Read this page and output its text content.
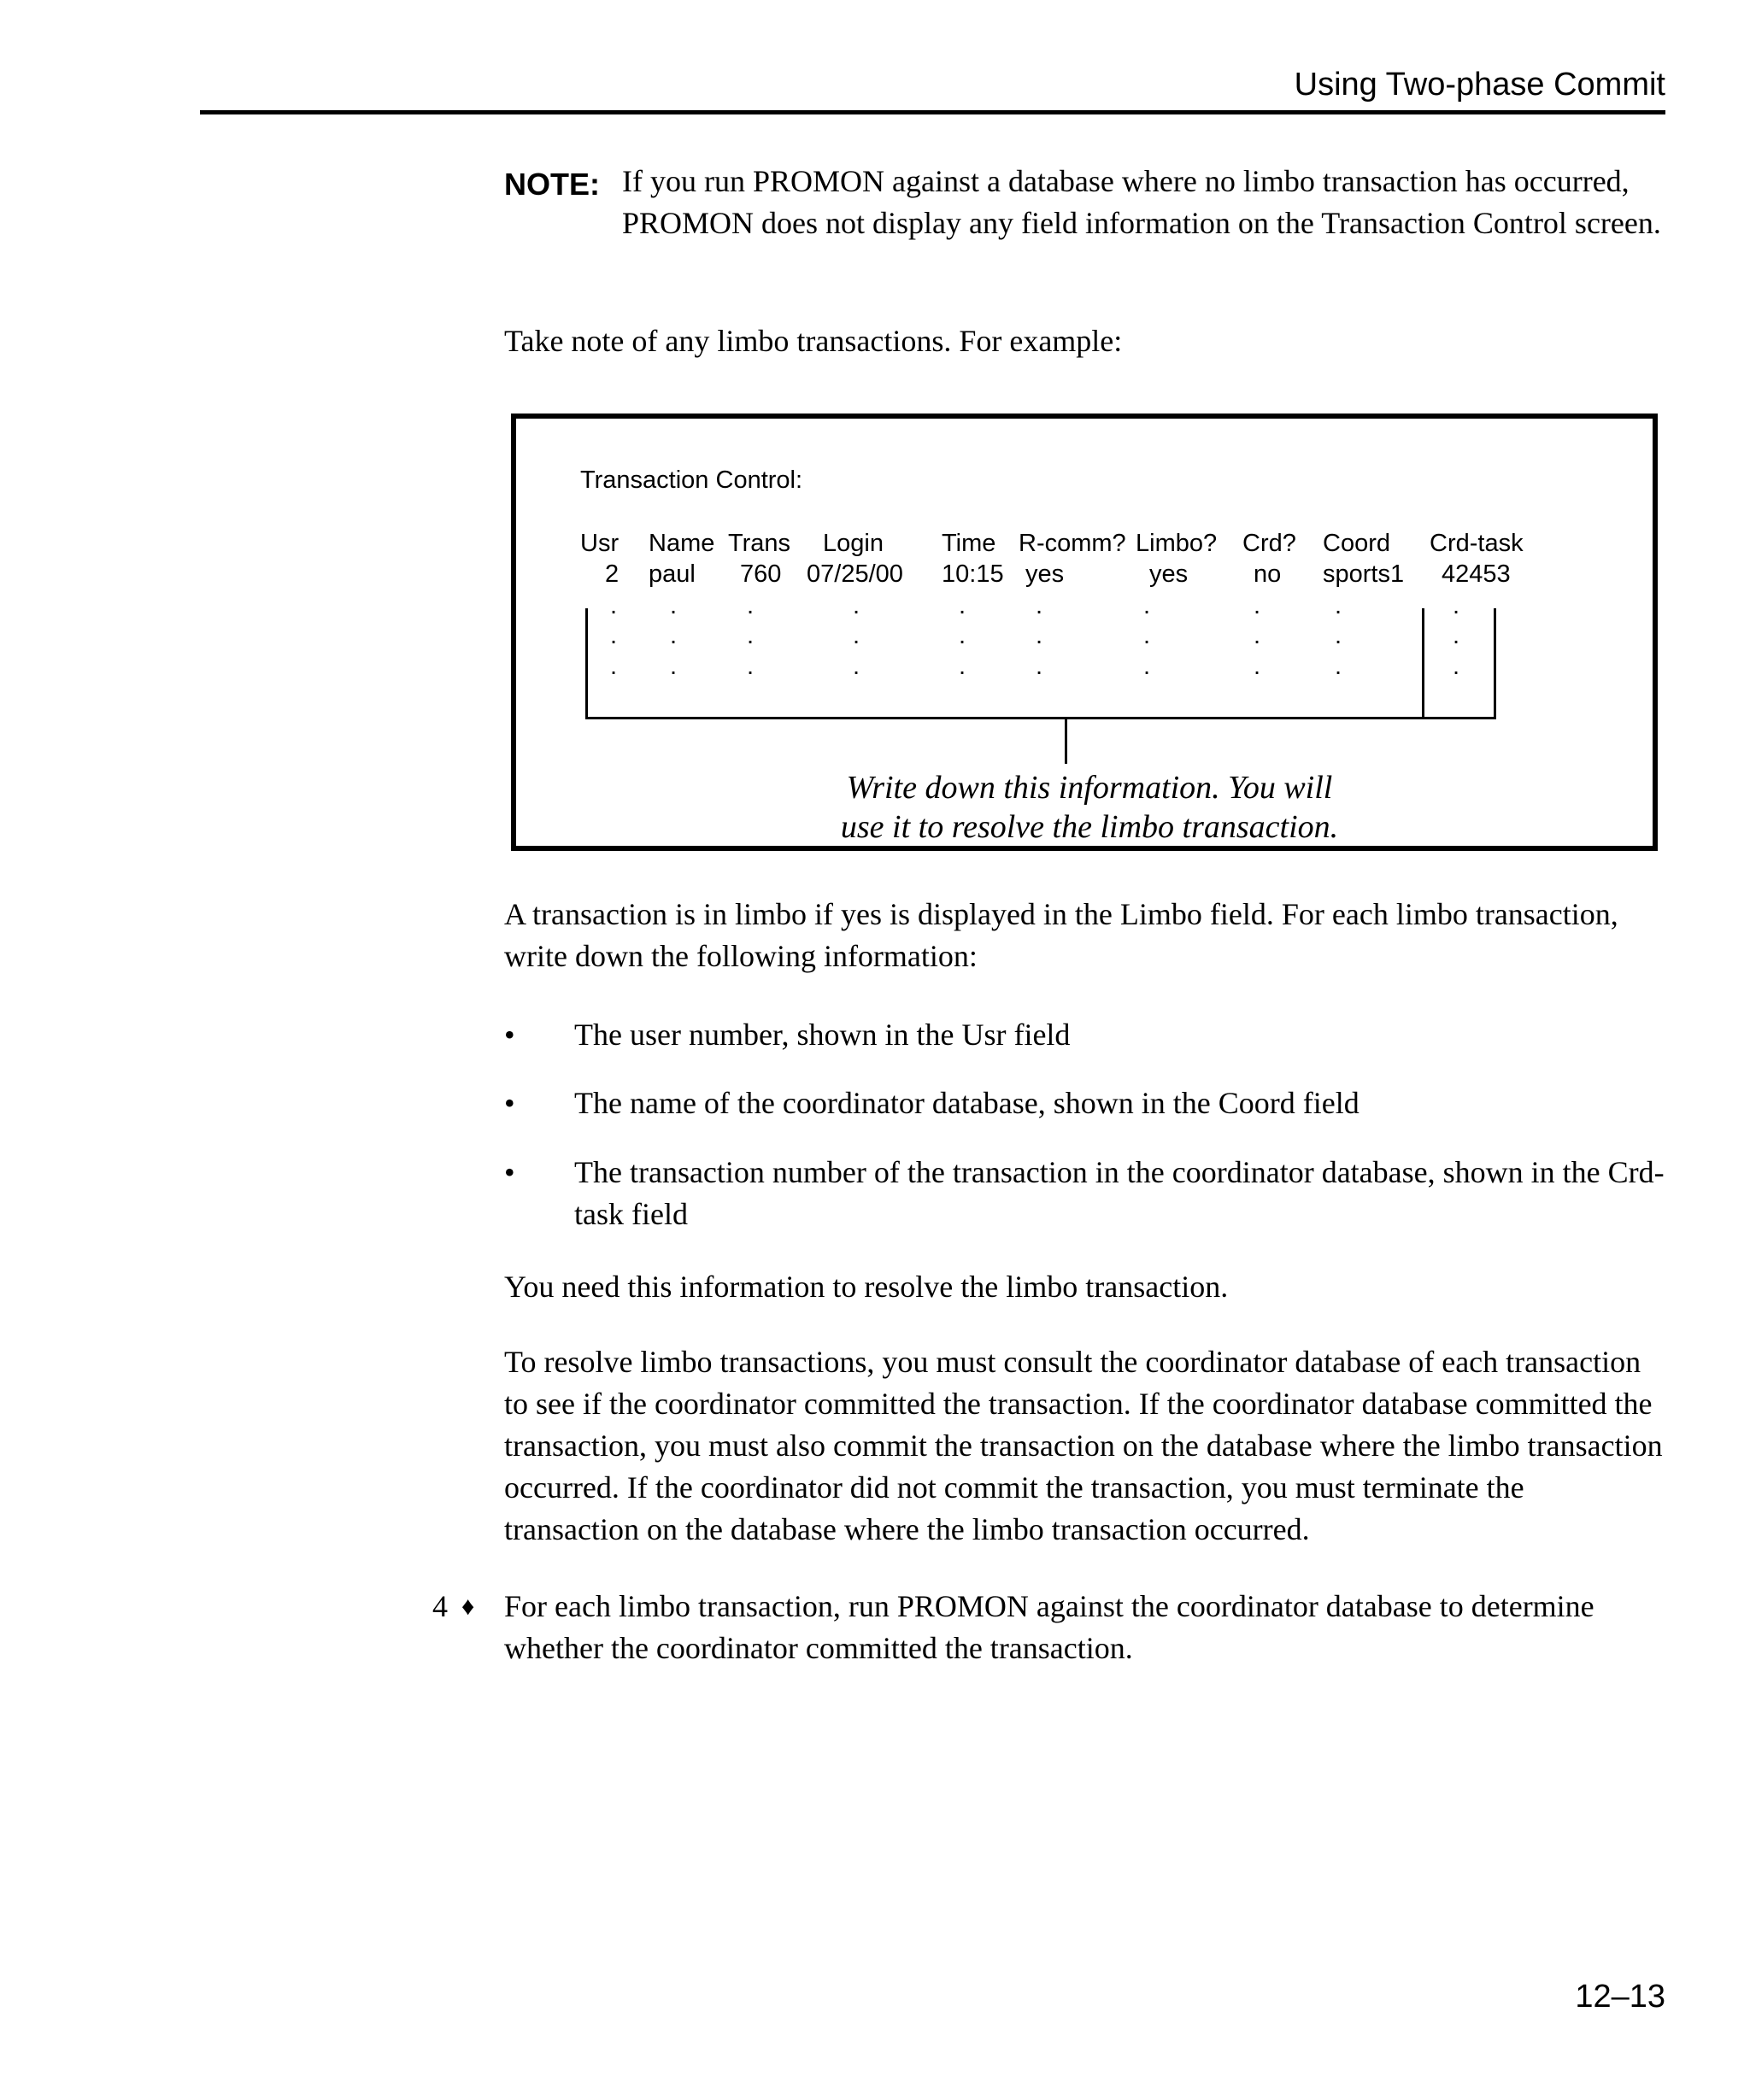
Using Two-phase Commit
NOTE: If you run PROMON against a database where no limbo transaction has occurred, PROMON does not display any field information on the Transaction Control screen.

Take note of any limbo transactions. For example:

Transaction Control:
Usr Name Trans Login Time R-comm? Limbo? Crd? Coord Crd-task
2 paul 760 07/25/00 10:15 yes	yes	no sports1 42453
. .	.	.	.	.	.	.	.	.
. .	.	.	.	.	.	.	.	.
. .	.	.	.	.	.	.	.	.
Write down this information. You will
use it to resolve the limbo transaction.

A transaction is in limbo if yes is displayed in the Limbo field. For each limbo transaction, write down the following information:

• The user number, shown in the Usr field
• The name of the coordinator database, shown in the Coord field
• The transaction number of the transaction in the coordinator database, shown in the Crd-task field

You need this information to resolve the limbo transaction.

To resolve limbo transactions, you must consult the coordinator database of each transaction to see if the coordinator committed the transaction. If the coordinator database committed the transaction, you must also commit the transaction on the database where the limbo transaction occurred. If the coordinator did not commit the transaction, you must terminate the transaction on the database where the limbo transaction occurred.

4 ♦ For each limbo transaction, run PROMON against the coordinator database to determine whether the coordinator committed the transaction.
12–13
